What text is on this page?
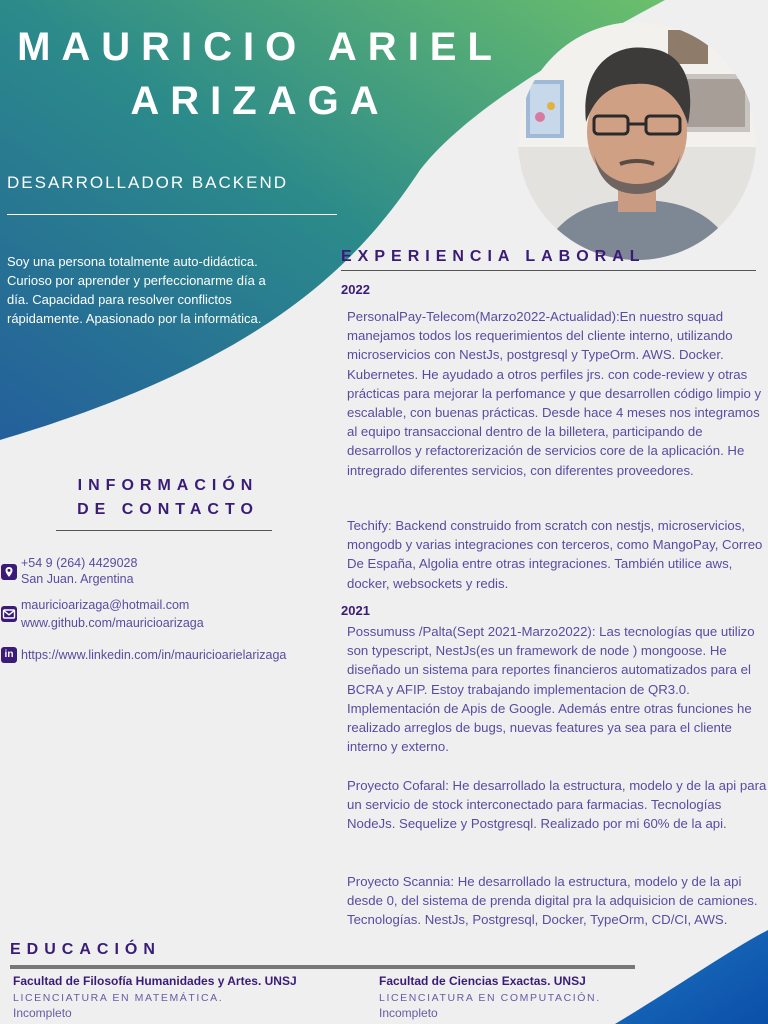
MAURICIO ARIEL
ARIZAGA
DESARROLLADOR BACKEND
Soy una persona totalmente auto-didáctica. Curioso por aprender y perfeccionarme día a día. Capacidad para resolver conflictos rápidamente. Apasionado por la informática.
EXPERIENCIA LABORAL
2022
PersonalPay-Telecom(Marzo2022-Actualidad):En nuestro squad manejamos todos los requerimientos del cliente interno, utilizando microservicios con NestJs, postgresql y TypeOrm. AWS. Docker. Kubernetes. He ayudado a otros perfiles jrs. con code-review y otras prácticas para mejorar la perfomance y que desarrollen código limpio y escalable, con buenas prácticas. Desde hace 4 meses nos integramos al equipo transaccional dentro de la billetera, participando de desarrollos y refactorerización de servicios core de la aplicación. He intregrado diferentes servicios, con diferentes proveedores.
Techify: Backend construido from scratch con nestjs, microservicios, mongodb y varias integraciones con terceros, como MangoPay, Correo De España, Algolia entre otras integraciones. También utilice aws, docker, websockets y redis.
2021
Possumuss /Palta(Sept 2021-Marzo2022): Las tecnologías que utilizo son typescript, NestJs(es un framework de node ) mongoose. He diseñado un sistema para reportes financieros automatizados para el BCRA y AFIP. Estoy trabajando implementacion de QR3.0. Implementación de Apis de Google. Además entre otras funciones he realizado arreglos de bugs, nuevas features ya sea para el cliente interno y externo.
Proyecto Cofaral: He desarrollado la estructura, modelo y de la api para un servicio de stock interconectado para farmacias. Tecnologías NodeJs. Sequelize y Postgresql. Realizado por mi 60% de la api.
Proyecto Scannia: He desarrollado la estructura, modelo y de la api desde 0, del sistema de prenda digital pra la adquisicion de camiones. Tecnologías. NestJs, Postgresql, Docker, TypeOrm, CD/CI, AWS.
INFORMACIÓN
DE CONTACTO
+54 9 (264) 4429028
San Juan. Argentina
mauricioarizaga@hotmail.com
www.github.com/mauricioarizaga
in https://www.linkedin.com/in/mauricioarielarizaga
EDUCACIÓN
Facultad de Filosofía Humanidades y Artes. UNSJ
LICENCIATURA EN MATEMÁTICA.
Incompleto
Facultad de Ciencias Exactas. UNSJ
LICENCIATURA EN COMPUTACIÓN.
Incompleto
